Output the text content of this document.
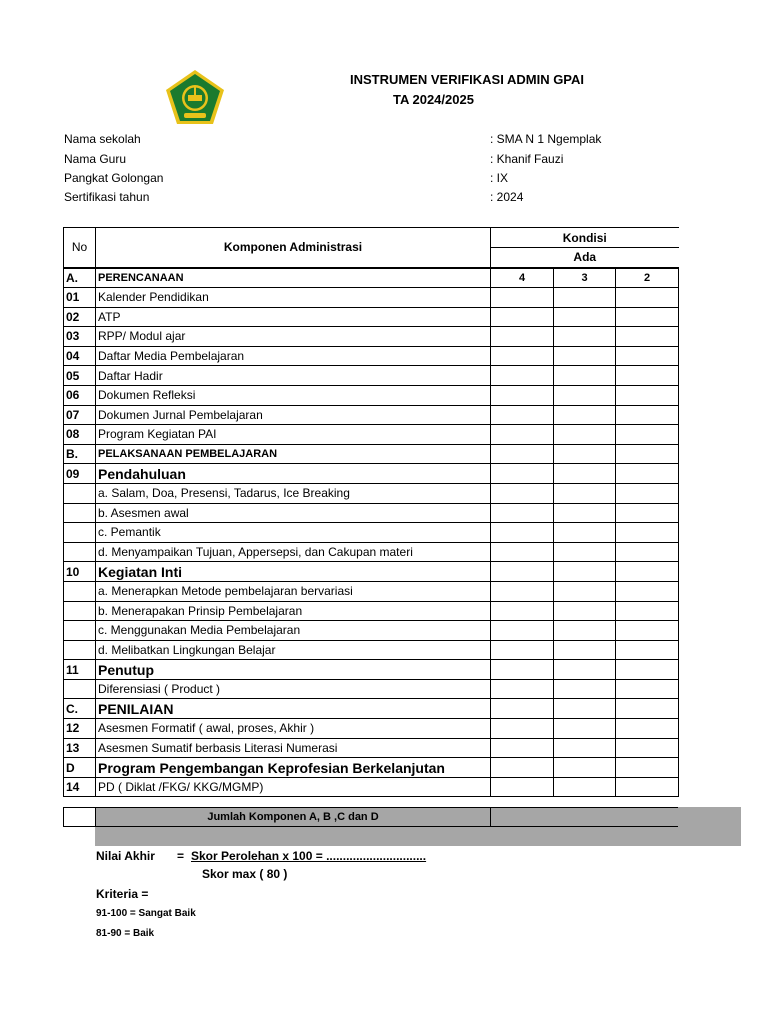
INSTRUMEN VERIFIKASI ADMIN GPAI
TA 2024/2025
Nama sekolah	: SMA N 1 Ngemplak
Nama Guru	: Khanif Fauzi
Pangkat Golongan	: IX
Sertifikasi tahun	: 2024
No	Komponen Administrasi	Kondisi		
		Ada		
A.	PERENCANAAN	4	3	2
01	Kalender Pendidikan			
02	ATP			
03	RPP/ Modul ajar			
04	Daftar Media Pembelajaran			
05	Daftar Hadir			
06	Dokumen Refleksi			
07	Dokumen Jurnal Pembelajaran			
08	Program Kegiatan PAI			
B.	PELAKSANAAN PEMBELAJARAN			
09	Pendahuluan			
	a. Salam, Doa, Presensi, Tadarus, Ice Breaking			
	b. Asesmen awal			
	c. Pemantik			
	d. Menyampaikan Tujuan, Appersepsi, dan Cakupan materi			
10	Kegiatan Inti			
	a. Menerapkan Metode pembelajaran bervariasi			
	b. Menerapakan Prinsip Pembelajaran			
	c. Menggunakan Media Pembelajaran			
	d. Melibatkan Lingkungan Belajar			
11	Penutup			
	Diferensiasi ( Product )			
C.	PENILAIAN			
12	Asesmen Formatif ( awal, proses, Akhir )			
13	Asesmen Sumatif berbasis Literasi Numerasi			
D	Program Pengembangan Keprofesian Berkelanjutan			
14	PD ( Diklat /FKG/ KKG/MGMP)			
Jumlah Komponen A, B ,C dan D
Nilai Akhir = Skor Perolehan x 100 = ..............................
Skor max ( 80 )
Kriteria =
91-100 = Sangat Baik
81-90 = Baik
